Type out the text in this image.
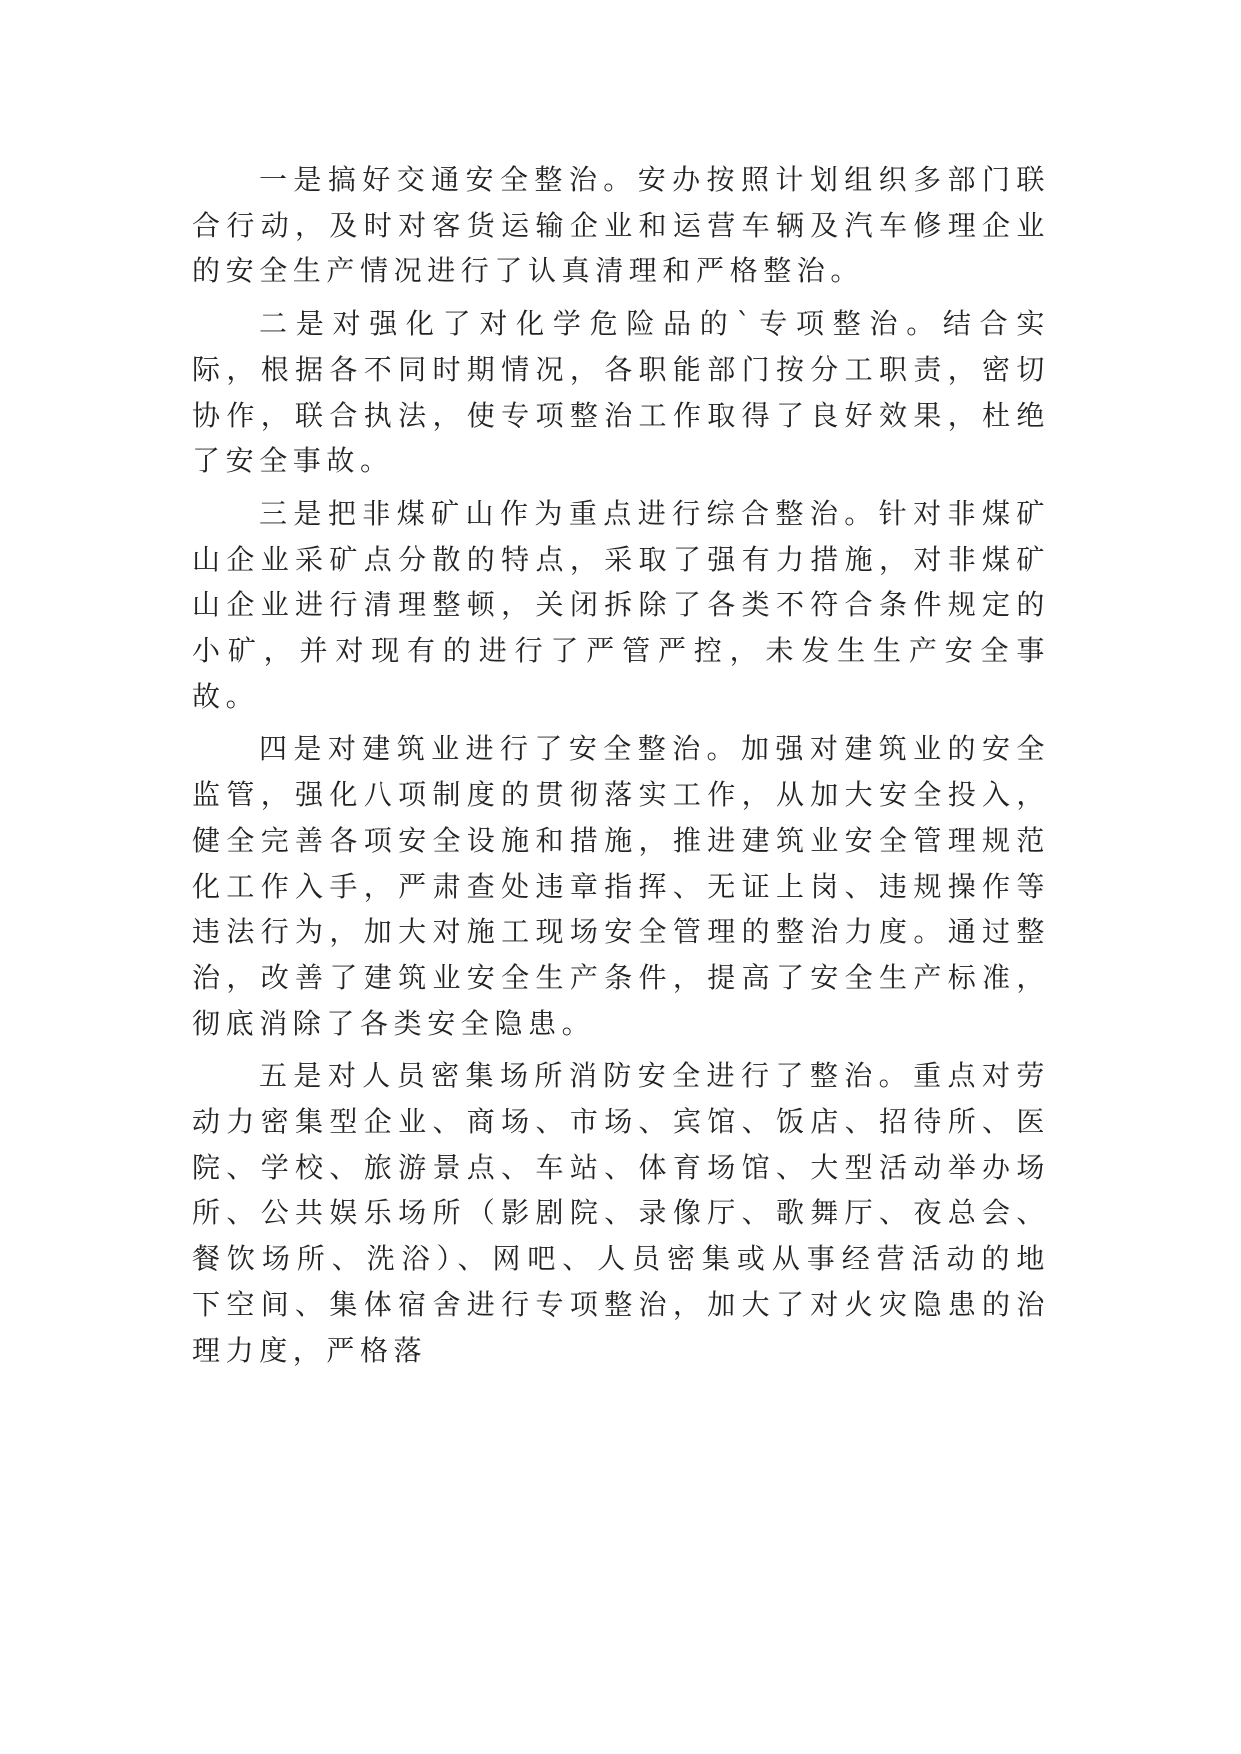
一是搞好交通安全整治。安办按照计划组织多部门联合行动，及时对客货运输企业和运营车辆及汽车修理企业的安全生产情况进行了认真清理和严格整治。

二是对强化了对化学危险品的`专项整治。结合实际，根据各不同时期情况，各职能部门按分工职责，密切协作，联合执法，使专项整治工作取得了良好效果，杜绝了安全事故。

三是把非煤矿山作为重点进行综合整治。针对非煤矿山企业采矿点分散的特点，采取了强有力措施，对非煤矿山企业进行清理整顿，关闭拆除了各类不符合条件规定的小矿，并对现有的进行了严管严控，未发生生产安全事故。

四是对建筑业进行了安全整治。加强对建筑业的安全监管，强化八项制度的贯彻落实工作，从加大安全投入，健全完善各项安全设施和措施，推进建筑业安全管理规范化工作入手，严肃查处违章指挥、无证上岗、违规操作等违法行为，加大对施工现场安全管理的整治力度。通过整治，改善了建筑业安全生产条件，提高了安全生产标准，彻底消除了各类安全隐患。

五是对人员密集场所消防安全进行了整治。重点对劳动力密集型企业、商场、市场、宾馆、饭店、招待所、医院、学校、旅游景点、车站、体育场馆、大型活动举办场所、公共娱乐场所（影剧院、录像厅、歌舞厅、夜总会、餐饮场所、洗浴）、网吧、人员密集或从事经营活动的地下空间、集体宿舍进行专项整治，加大了对火灾隐患的治理力度，严格落
